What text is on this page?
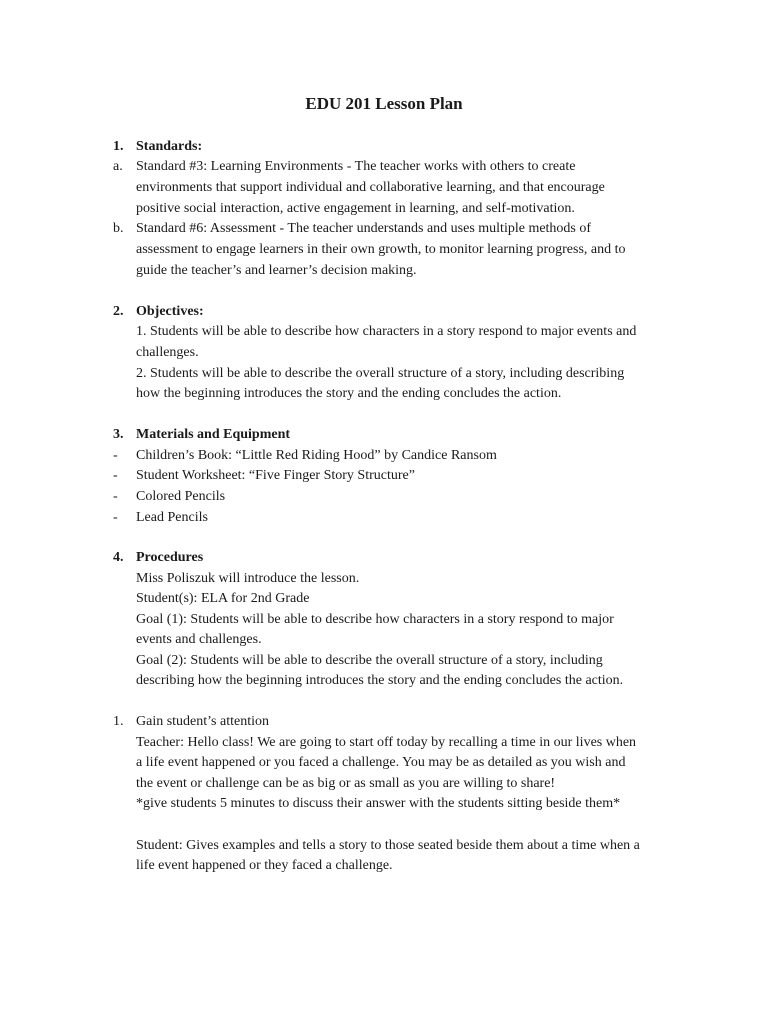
EDU 201 Lesson Plan
1. Standards:
a. Standard #3: Learning Environments - The teacher works with others to create
environments that support individual and collaborative learning, and that encourage
positive social interaction, active engagement in learning, and self-motivation.
b. Standard #6: Assessment - The teacher understands and uses multiple methods of
assessment to engage learners in their own growth, to monitor learning progress, and to
guide the teacher’s and learner’s decision making.
2. Objectives:
1. Students will be able to describe how characters in a story respond to major events and
challenges.
2. Students will be able to describe the overall structure of a story, including describing
how the beginning introduces the story and the ending concludes the action.
3. Materials and Equipment
- Children’s Book: “Little Red Riding Hood” by Candice Ransom
- Student Worksheet: “Five Finger Story Structure”
- Colored Pencils
- Lead Pencils
4. Procedures
Miss Poliszuk will introduce the lesson.
Student(s): ELA for 2nd Grade
Goal (1): Students will be able to describe how characters in a story respond to major
events and challenges.
Goal (2): Students will be able to describe the overall structure of a story, including
describing how the beginning introduces the story and the ending concludes the action.
1. Gain student’s attention
Teacher: Hello class! We are going to start off today by recalling a time in our lives when
a life event happened or you faced a challenge. You may be as detailed as you wish and
the event or challenge can be as big or as small as you are willing to share!
*give students 5 minutes to discuss their answer with the students sitting beside them*
Student: Gives examples and tells a story to those seated beside them about a time when a
life event happened or they faced a challenge.
